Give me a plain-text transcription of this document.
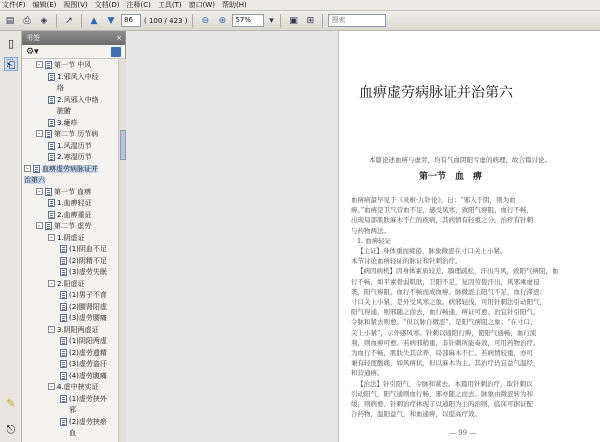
文件(F) 编辑(E) 视图(V) 文档(D) 注释(C) 工具(T) 窗口(W) 帮助(H)
▤	⎙	◈	↗	▲	▼	86	( 100 / 423 )	⊖	⊕	57%	▾	▣ ⊞
搜索
▯
⎗
✎
⎋
书签	×
⚙▾
-	第一节 中风
1.邪风入中经
络
2.风邪入中络
脏腑
3.瘫疹
-	第二节 历节病
1.风湿历节
2.寒湿历节
-	血痹虚劳病脉证并
治第六
-	第一节 血痹
1.血痹轻证
2.血痹重证
-	第二节 虚劳
- 1.阴虚证
(1)阴血不足
(2)阴精不足
(3)虚劳失眠
- 2.阳虚证
(1)男子不育
(2)腰肾阳虚
(3)虚劳腰痛
- 3.阴阳两虚证
(1)阴阳两虚
(2)虚劳遗精
(3)虚劳盗汗
(4)虚劳腹痛
- 4.虚中挟实证
(1)虚劳挟外
邪
(2)虚劳挟瘀
血
血痹虚劳病脉证并治第六
本篇论述血痹与虚劳，均有气血阴阳亏虚的病理，故合篇讨论。
第一节　血　痹
血痹病最早见于《灵枢·九针论》，曰：“邪入于阴，则为血
痹。”血痹是卫气营血不足，感受风寒，致阳气痹阻，血行不畅，
出现局部肌肤麻木不仁的疾病，其病情有轻重之分，治疗有针刺
与药物两法。
1. 血痹轻证
【主证】身体重而疲倦，脉象微涩在寸口关上小紧。
本节讨论血痹轻证的脉证和针刺治疗。
【病因病机】因身体素质较差，腠理疏松，汗出当风，致阳气痹阻，血
行不畅，如平素骨弱肌肤，卫阳不足，复因劳倦汗出，风邪乘虚侵
袭，阳气痹阻，血行不畅而成血痹。脉微涩主阳气不足，血行滞涩；
寸口关上小紧，是外受风寒之象。病邪轻浅，可用针刺法引动阳气，
阳气得通，则邪随之而去，血行畅通，痹证可愈。治宜针引阳气，
令脉和紧去则愈。“但以脉自微涩”，是阳气痹阻之象；“在寸口、
关上小紧”，示外感风寒。针刺以通阳行痹，使阳气通畅，血行流
利，则血痹可愈。若病邪稍重，非针刺所能奏效，可用药物治疗。
为血行不畅，肌肤失其营养，局部麻木不仁。若病情较重，亦可
兼有轻度酸痛，如风痹状，但以麻木为主。其治疗仍宜益气温经，
和营通痹。
【治法】针引阳气，令脉和紧去。本篇用针刺治疗，取针刺以
引动阳气，阳气通则血行畅，邪亦随之而去。脉象由微涩转为和
缓，则病愈。针刺治疗体现了以通阳为主的治则，临床可据证配
合药物，温阳益气，和血通痹，以提高疗效。
— 99 —
